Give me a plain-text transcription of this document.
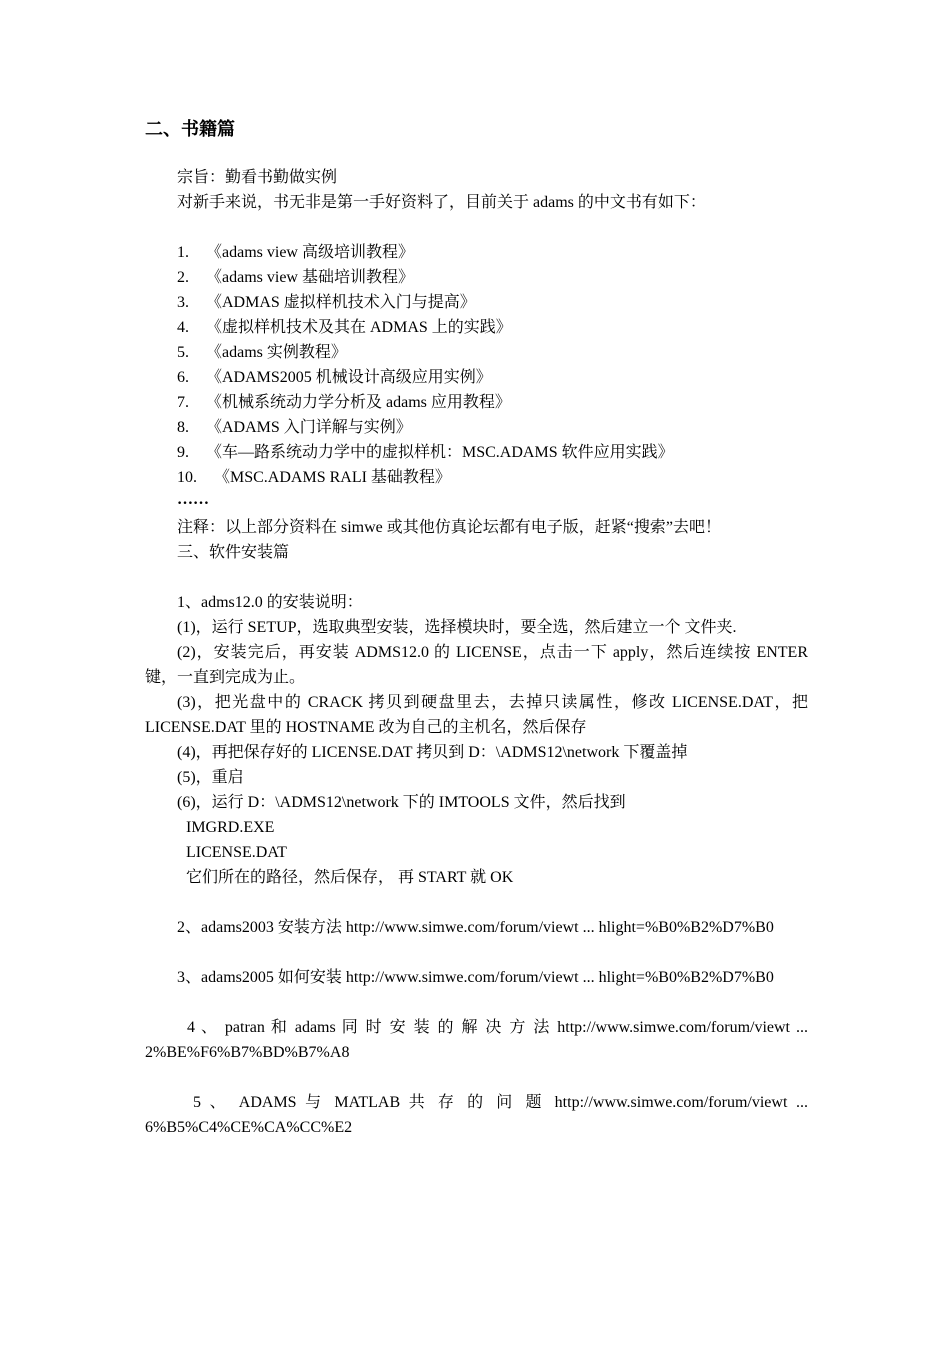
二、书籍篇
宗旨：勤看书勤做实例
对新手来说，书无非是第一手好资料了，目前关于 adams 的中文书有如下：
1. 《adams view 高级培训教程》
2. 《adams view 基础培训教程》
3. 《ADMAS 虚拟样机技术入门与提高》
4. 《虚拟样机技术及其在 ADMAS 上的实践》
5. 《adams 实例教程》
6. 《ADAMS2005 机械设计高级应用实例》
7. 《机械系统动力学分析及 adams 应用教程》
8. 《ADAMS 入门详解与实例》
9. 《车—路系统动力学中的虚拟样机：MSC.ADAMS 软件应用实践》
10. 《MSC.ADAMS RALI 基础教程》
……
注释：以上部分资料在 simwe 或其他仿真论坛都有电子版，赶紧“搜索”去吧！
三、软件安装篇
1、adms12.0 的安装说明：
(1)，运行 SETUP，选取典型安装，选择模块时，要全选，然后建立一个 文件夹.
(2)，安装完后，再安装 ADMS12.0 的 LICENSE，点击一下 apply，然后连续按 ENTER 键，一直到完成为止。
(3)，把光盘中的 CRACK 拷贝到硬盘里去，去掉只读属性，修改 LICENSE.DAT，把 LICENSE.DAT 里的 HOSTNAME 改为自己的主机名，然后保存
(4)，再把保存好的 LICENSE.DAT 拷贝到 D：\ADMS12\network 下覆盖掉
(5)，重启
(6)，运行 D：\ADMS12\network 下的 IMTOOLS 文件，然后找到
IMGRD.EXE
LICENSE.DAT
它们所在的路径，然后保存， 再 START 就 OK
2、adams2003 安装方法 http://www.simwe.com/forum/viewt ... hlight=%B0%B2%D7%B0
3、adams2005 如何安装 http://www.simwe.com/forum/viewt ... hlight=%B0%B2%D7%B0
4 、 patran 和 adams 同 时 安 装 的 解 决 方 法 http://www.simwe.com/forum/viewt ... 2%BE%F6%B7%BD%B7%A8
5 、 ADAMS 与 MATLAB 共 存 的 问 题 http://www.simwe.com/forum/viewt ... 6%B5%C4%CE%CA%CC%E2
